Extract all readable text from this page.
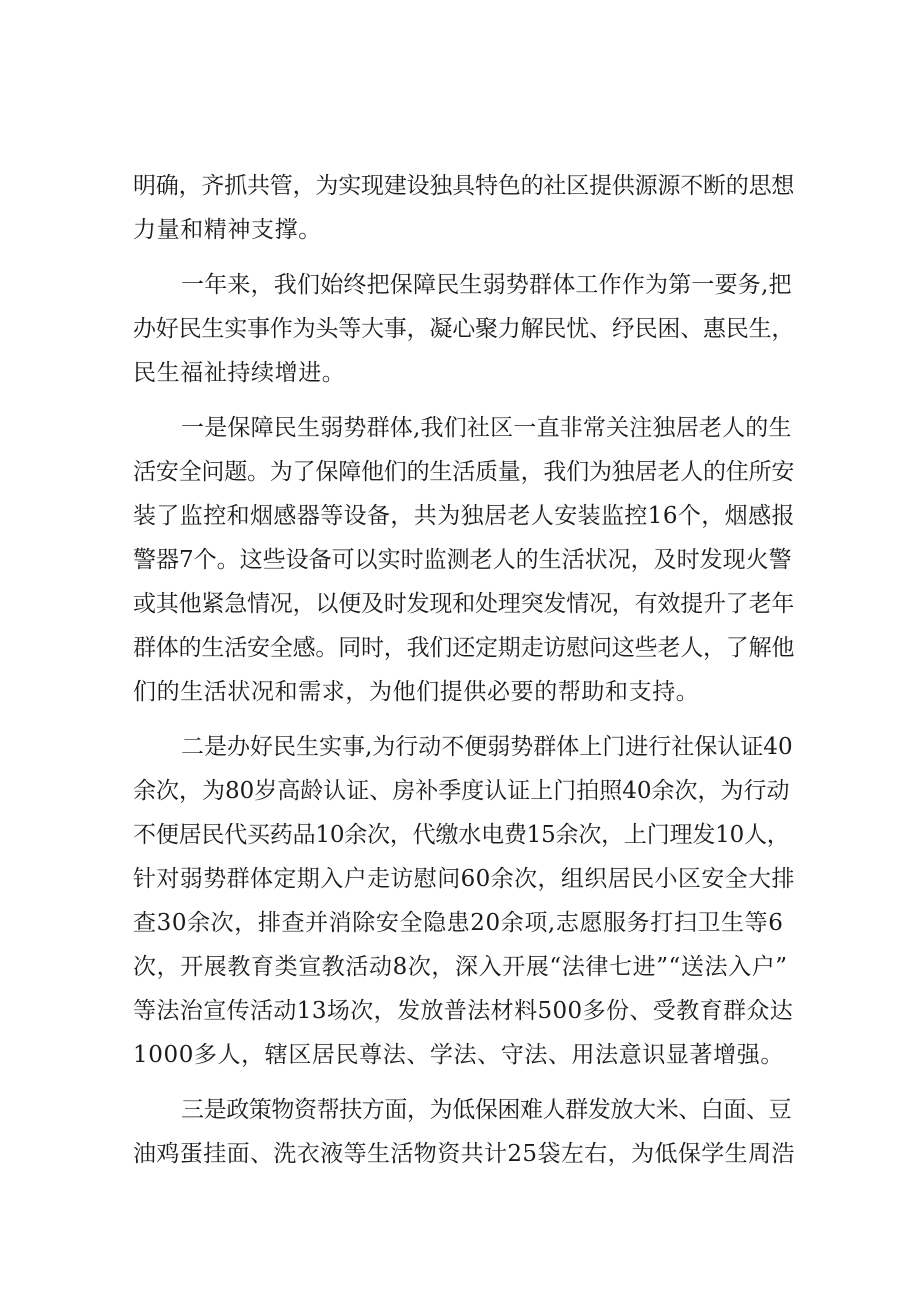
明确，齐抓共管，为实现建设独具特色的社区提供源源不断的思想
力量和精神支撑。
一年来，我们始终把保障民生弱势群体工作作为第一要务,把
办好民生实事作为头等大事，凝心聚力解民忧、纾民困、惠民生，
民生福祉持续增进。
一是保障民生弱势群体,我们社区一直非常关注独居老人的生
活安全问题。为了保障他们的生活质量，我们为独居老人的住所安
装了监控和烟感器等设备，共为独居老人安装监控16个，烟感报
警器7个。这些设备可以实时监测老人的生活状况，及时发现火警
或其他紧急情况，以便及时发现和处理突发情况，有效提升了老年
群体的生活安全感。同时，我们还定期走访慰问这些老人，了解他
们的生活状况和需求，为他们提供必要的帮助和支持。
二是办好民生实事,为行动不便弱势群体上门进行社保认证40
余次，为80岁高龄认证、房补季度认证上门拍照40余次，为行动
不便居民代买药品10余次，代缴水电费15余次，上门理发10人，
针对弱势群体定期入户走访慰问60余次，组织居民小区安全大排
查30余次，排查并消除安全隐患20余项,志愿服务打扫卫生等6
次，开展教育类宣教活动8次，深入开展“法律七进”“送法入户”
等法治宣传活动13场次，发放普法材料500多份、受教育群众达
1000多人，辖区居民尊法、学法、守法、用法意识显著增强。
三是政策物资帮扶方面，为低保困难人群发放大米、白面、豆
油鸡蛋挂面、洗衣液等生活物资共计25袋左右，为低保学生周浩
